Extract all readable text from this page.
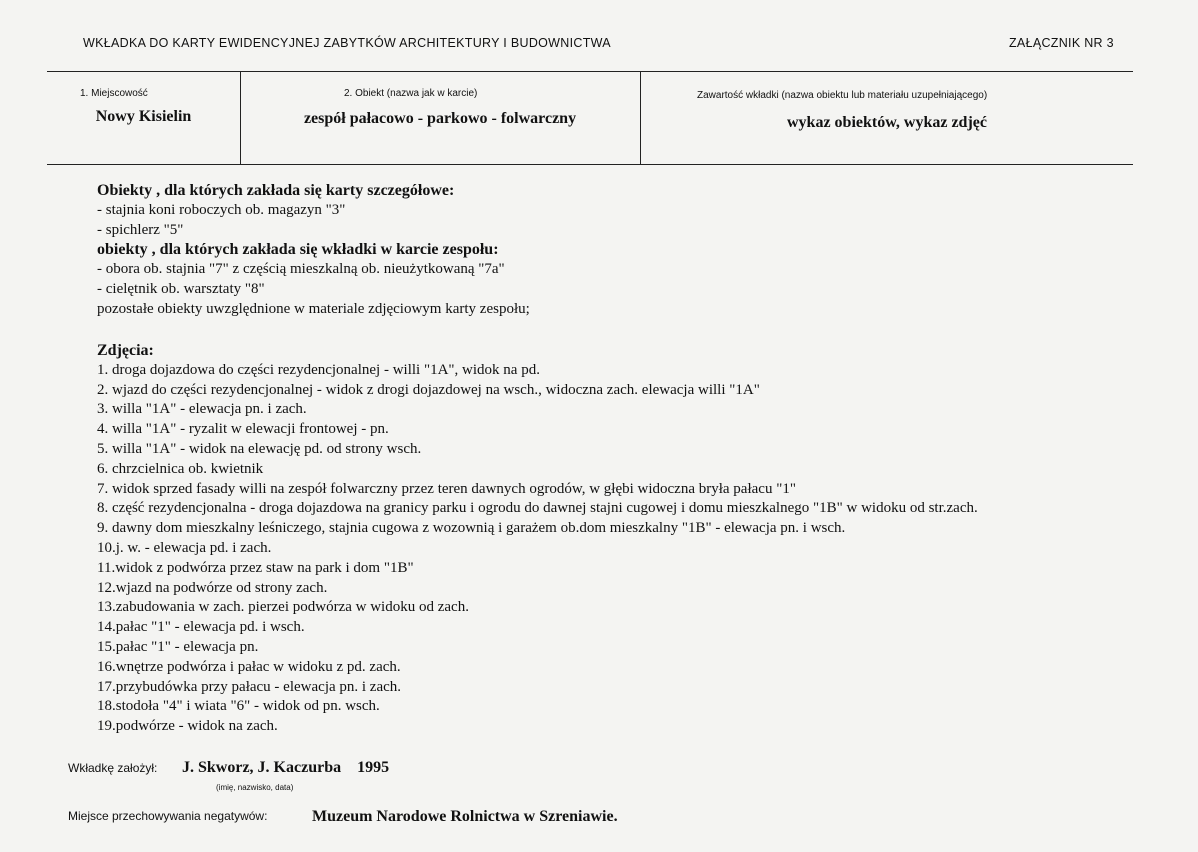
WKŁADKA DO KARTY EWIDENCYJNEJ ZABYTKÓW ARCHITEKTURY I BUDOWNICTWA	ZAŁĄCZNIK NR 3
1. Miejscowość
Nowy Kisielin
2. Obiekt (nazwa jak w karcie)
zespół pałacowo - parkowo - folwarczny
Zawartość wkładki (nazwa obiektu lub materiału uzupełniającego)
wykaz obiektów, wykaz zdjęć
Obiekty , dla których zakłada się karty szczegółowe:
- stajnia koni roboczych ob. magazyn "3"
- spichlerz "5"
obiekty , dla których zakłada się wkładki w karcie zespołu:
- obora ob. stajnia "7" z częścią mieszkalną ob. nieużytkowaną "7a"
- cielętnik ob. warsztaty "8"
pozostałe obiekty uwzględnione w materiale zdjęciowym karty zespołu;
Zdjęcia:
1. droga dojazdowa do części rezydencjonalnej - willi "1A", widok na pd.
2. wjazd do części rezydencjonalnej - widok z drogi dojazdowej na wsch., widoczna zach. elewacja willi "1A"
3. willa "1A" - elewacja pn. i zach.
4. willa "1A" - ryzalit w elewacji frontowej - pn.
5. willa "1A" - widok na elewację pd. od strony wsch.
6. chrzcielnica ob. kwietnik
7. widok sprzed fasady willi na zespół folwarczny przez teren dawnych ogrodów, w głębi widoczna bryła pałacu "1"
8. część rezydencjonalna - droga dojazdowa na granicy parku i ogrodu do dawnej stajni cugowej i domu mieszkalnego "1B" w widoku od str.zach.
9. dawny dom mieszkalny leśniczego, stajnia cugowa z wozownią i garażem ob.dom mieszkalny "1B" - elewacja pn. i wsch.
10.j. w. - elewacja pd. i zach.
11.widok z podwórza przez staw na park i dom "1B"
12.wjazd na podwórze od strony zach.
13.zabudowania w zach. pierzei podwórza w widoku od zach.
14.pałac "1" - elewacja pd. i wsch.
15.pałac "1" - elewacja pn.
16.wnętrze podwórza i pałac w widoku z pd. zach.
17.przybudówka przy pałacu - elewacja pn. i zach.
18.stodoła "4" i wiata "6" - widok od pn. wsch.
19.podwórze - widok na zach.
Wkładkę założył: J. Skworz, J. Kaczurba    1995
(imię, nazwisko, data)
Miejsce przechowywania negatywów:	Muzeum Narodowe Rolnictwa w Szreniawie.
